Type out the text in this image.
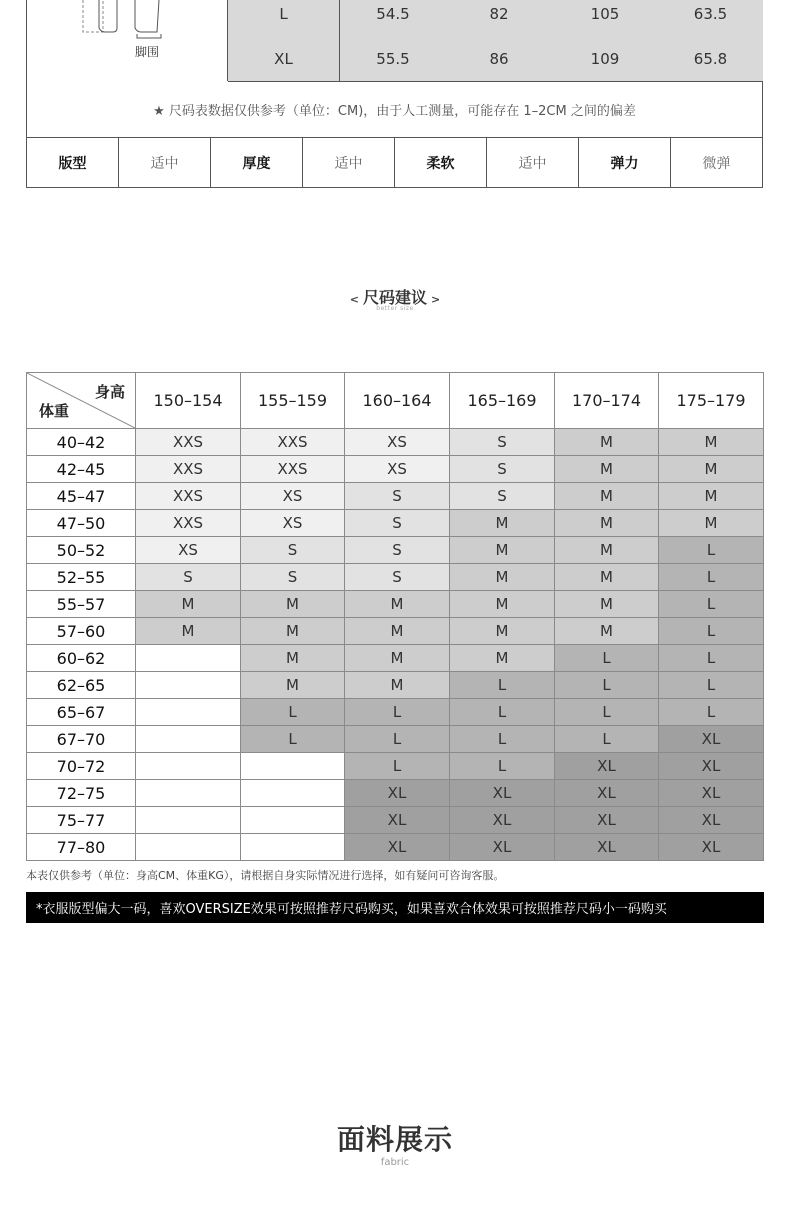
脚围
L	54.5	82	105	63.5
XL	55.5	86	109	65.8
★ 尺码表数据仅供参考（单位：CM)，由于人工测量，可能存在 1–2CM 之间的偏差
版型	适中	厚度	适中	柔软	适中	弹力	微弹
< 尺码建议 >
better size
身高
体重	150–154	155–159	160–164	165–169	170–174	175–179
40–42	XXS	XXS	XS	S	M	M
42–45	XXS	XXS	XS	S	M	M
45–47	XXS	XS	S	S	M	M
47–50	XXS	XS	S	M	M	M
50–52	XS	S	S	M	M	L
52–55	S	S	S	M	M	L
55–57	M	M	M	M	M	L
57–60	M	M	M	M	M	L
60–62		M	M	M	L	L
62–65		M	M	L	L	L
65–67		L	L	L	L	L
67–70		L	L	L	L	XL
70–72			L	L	XL	XL
72–75			XL	XL	XL	XL
75–77			XL	XL	XL	XL
77–80			XL	XL	XL	XL
本表仅供参考（单位：身高CM、体重KG），请根据自身实际情况进行选择，如有疑问可咨询客服。
*衣服版型偏大一码，喜欢OVERSIZE效果可按照推荐尺码购买，如果喜欢合体效果可按照推荐尺码小一码购买
面料展示
fabric
